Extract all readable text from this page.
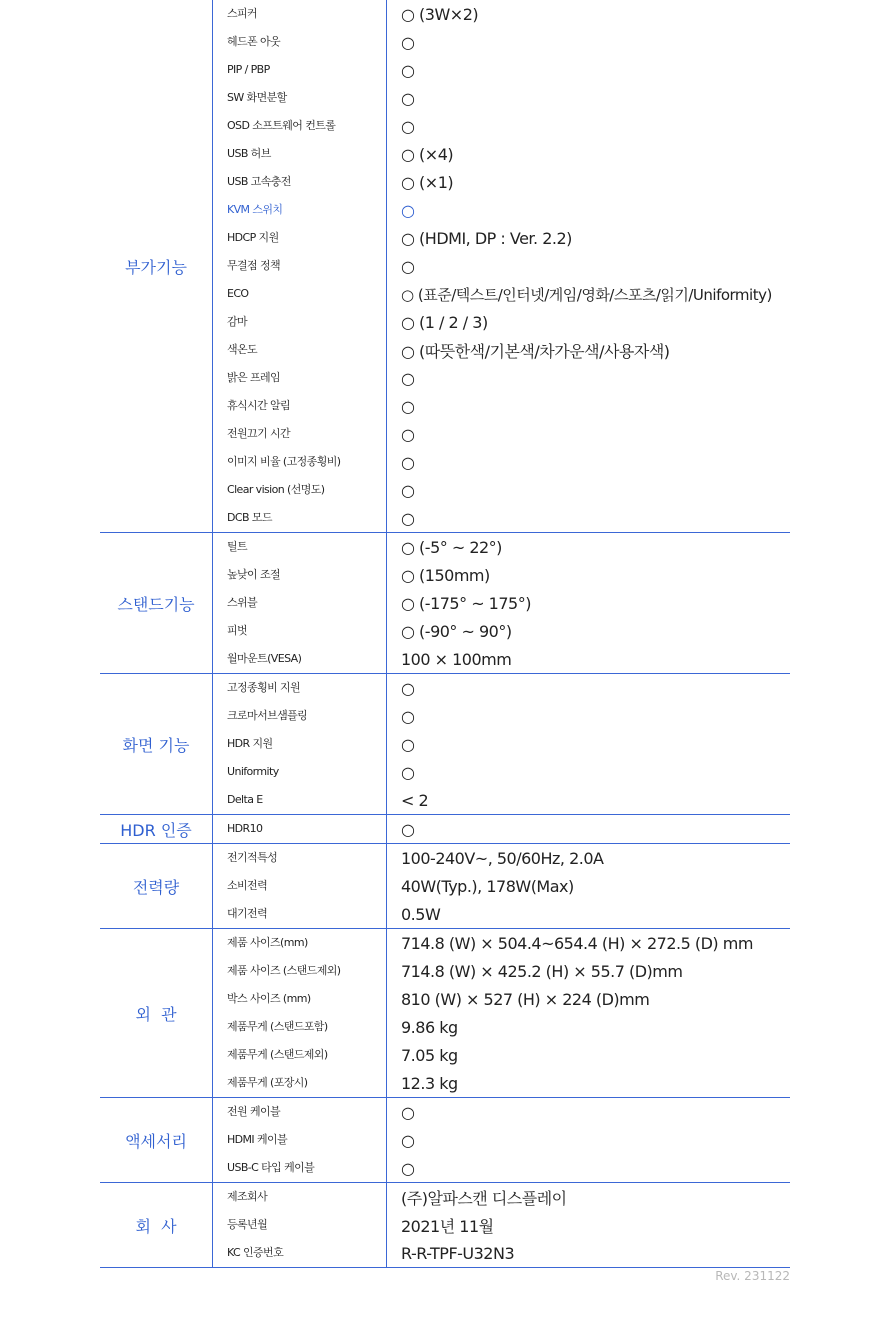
부가기능
스피커	○ (3W×2)
헤드폰 아웃	○
PIP / PBP	○
SW 화면분할	○
OSD 소프트웨어 컨트롤	○
USB 허브	○ (×4)
USB 고속충전	○ (×1)
KVM 스위치	○
HDCP 지원	○ (HDMI, DP : Ver. 2.2)
무결점 정책	○
ECO	○ (표준/텍스트/인터넷/게임/영화/스포츠/읽기/Uniformity)
감마	○ (1 / 2 / 3)
색온도	○ (따뜻한색/기본색/차가운색/사용자색)
밝은 프레임	○
휴식시간 알림	○
전원끄기 시간	○
이미지 비율 (고정종횡비)	○
Clear vision (선명도)	○
DCB 모드	○
스탠드기능
틸트	○ (-5° ~ 22°)
높낮이 조절	○ (150mm)
스위블	○ (-175° ~ 175°)
피벗	○ (-90° ~ 90°)
월마운트(VESA)	100 × 100mm
화면 기능
고정종횡비 지원	○
크로마서브샘플링	○
HDR 지원	○
Uniformity	○
Delta E	< 2
HDR 인증	HDR10	○
전력량
전기적특성	100-240V~, 50/60Hz, 2.0A
소비전력	40W(Typ.), 178W(Max)
대기전력	0.5W
외  관
제품 사이즈(mm)	714.8 (W) × 504.4~654.4 (H) × 272.5 (D) mm
제품 사이즈 (스탠드제외)	714.8 (W) × 425.2 (H) × 55.7 (D)mm
박스 사이즈 (mm)	810 (W) × 527 (H) × 224 (D)mm
제품무게 (스탠드포함)	9.86 kg
제품무게 (스탠드제외)	7.05 kg
제품무게 (포장시)	12.3 kg
액세서리
전원 케이블	○
HDMI 케이블	○
USB-C 타입 케이블	○
회  사
제조회사	(주)알파스캔 디스플레이
등록년월	2021년 11월
KC 인증번호	R-R-TPF-U32N3
Rev. 231122
